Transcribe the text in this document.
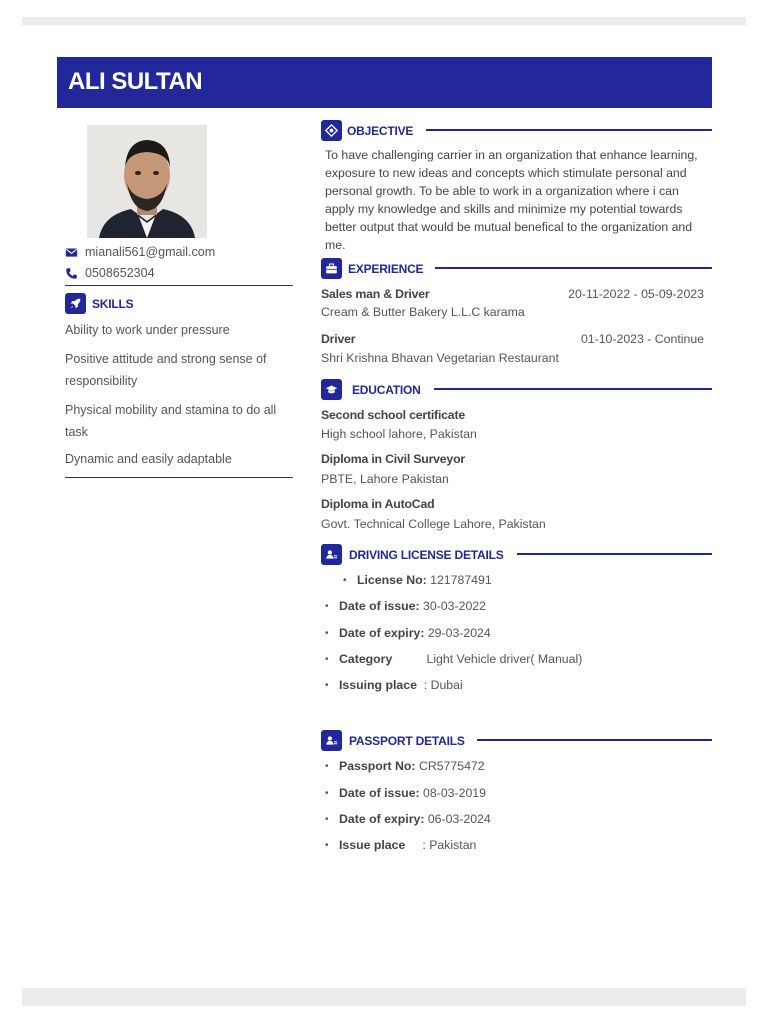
ALI SULTAN
mianali561@gmail.com
0508652304
SKILLS
Ability to work under pressure
Positive attitude and strong sense of responsibility
Physical mobility and stamina to do all task
Dynamic and easily adaptable
OBJECTIVE
To have challenging carrier in an organization that enhance learning, exposure to new ideas and concepts which stimulate personal and personal growth. To be able to work in a organization where i can apply my knowledge and skills and minimize my potential towards better output that would be mutual benefical to the organization and me.
EXPERIENCE
Sales man & Driver	20-11-2022 - 05-09-2023
Cream & Butter Bakery L.L.C karama
Driver	01-10-2023 - Continue
Shri Krishna Bhavan Vegetarian Restaurant
EDUCATION
Second school certificate
High school lahore, Pakistan
Diploma in Civil Surveyor
PBTE, Lahore Pakistan
Diploma in AutoCad
Govt. Technical College Lahore, Pakistan
DRIVING LICENSE DETAILS
• License No: 121787491
• Date of issue: 30-03-2022
• Date of expiry: 29-03-2024
• Category Light Vehicle driver( Manual)
• Issuing place : Dubai
PASSPORT DETAILS
• Passport No: CR5775472
• Date of issue: 08-03-2019
• Date of expiry: 06-03-2024
• Issue place : Pakistan
